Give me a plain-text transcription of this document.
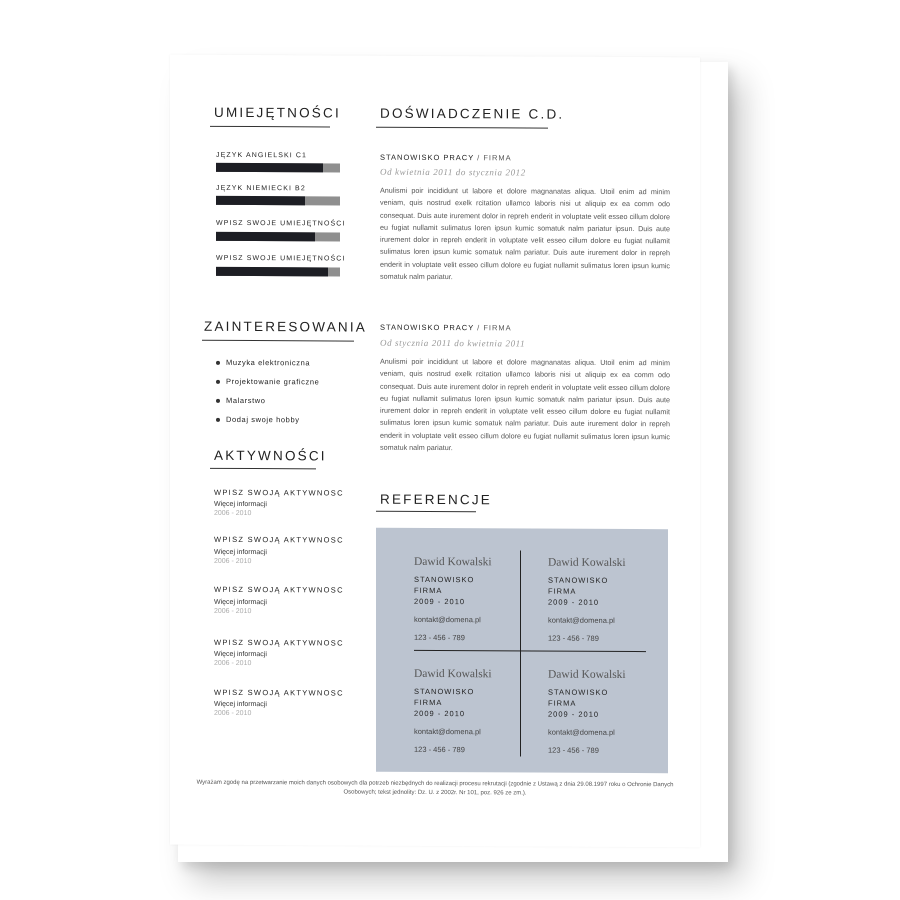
UMIEJĘTNOŚCI
JĘZYK ANGIELSKI C1
JĘZYK NIEMIECKI B2
WPISZ SWOJE UMIEJĘTNOŚCI
WPISZ SWOJE UMIEJĘTNOŚCI
ZAINTERESOWANIA
Muzyka elektroniczna
Projektowanie graficzne
Malarstwo
Dodaj swoje hobby
AKTYWNOŚCI
WPISZ SWOJĄ AKTYWNOSC
Więcej informacji
2006 - 2010
WPISZ SWOJĄ AKTYWNOSC
Więcej informacji
2006 - 2010
WPISZ SWOJĄ AKTYWNOSC
Więcej informacji
2006 - 2010
WPISZ SWOJĄ AKTYWNOSC
Więcej informacji
2006 - 2010
WPISZ SWOJĄ AKTYWNOSC
Więcej informacji
2006 - 2010
DOŚWIADCZENIE C.D.
STANOWISKO PRACY / FIRMA
Od kwietnia 2011 do stycznia 2012
Anulismi poir incididunt ut labore et dolore magnanatas aliqua. Utoil enim ad minim veniam, quis nostrud exelk rcitation ullamco laboris nisi ut aliquip ex ea comm odo consequat. Duis aute irurement dolor in repreh enderit in voluptate velit esseo cillum dolore eu fugiat nullamit sulimatus loren ipsun kumic somatuk nalm pariatur ipsun. Duis aute irurement dolor in repreh enderit in voluptate velit esseo cillum dolore eu fugiat nullamit sulimatus loren ipsun kumic somatuk nalm pariatur. Duis aute irurement dolor in repreh enderit in voluptate velit esseo cillum dolore eu fugiat nullamit sulimatus loren ipsun kumic somatuk nalm pariatur.
STANOWISKO PRACY / FIRMA
Od stycznia 2011 do kwietnia 2011
Anulismi poir incididunt ut labore et dolore magnanatas aliqua. Utoil enim ad minim veniam, quis nostrud exelk rcitation ullamco laboris nisi ut aliquip ex ea comm odo consequat. Duis aute irurement dolor in repreh enderit in voluptate velit esseo cillum dolore eu fugiat nullamit sulimatus loren ipsun kumic somatuk nalm pariatur ipsun. Duis aute irurement dolor in repreh enderit in voluptate velit esseo cillum dolore eu fugiat nullamit sulimatus loren ipsun kumic somatuk nalm pariatur. Duis aute irurement dolor in repreh enderit in voluptate velit esseo cillum dolore eu fugiat nullamit sulimatus loren ipsun kumic somatuk nalm pariatur.
REFERENCJE
Dawid Kowalski
STANOWISKO
FIRMA
2009 - 2010
kontakt@domena.pl
123 - 456 - 789
Dawid Kowalski
STANOWISKO
FIRMA
2009 - 2010
kontakt@domena.pl
123 - 456 - 789
Dawid Kowalski
STANOWISKO
FIRMA
2009 - 2010
kontakt@domena.pl
123 - 456 - 789
Dawid Kowalski
STANOWISKO
FIRMA
2009 - 2010
kontakt@domena.pl
123 - 456 - 789
Wyrażam zgodę na przetwarzanie moich danych osobowych dla potrzeb niezbędnych do realizacji procesu rekrutacji (zgodnie z Ustawą z dnia 29.08.1997 roku o Ochronie Danych Osobowych; tekst jednolity: Dz. U. z 2002r. Nr 101, poz. 926 ze zm.).
